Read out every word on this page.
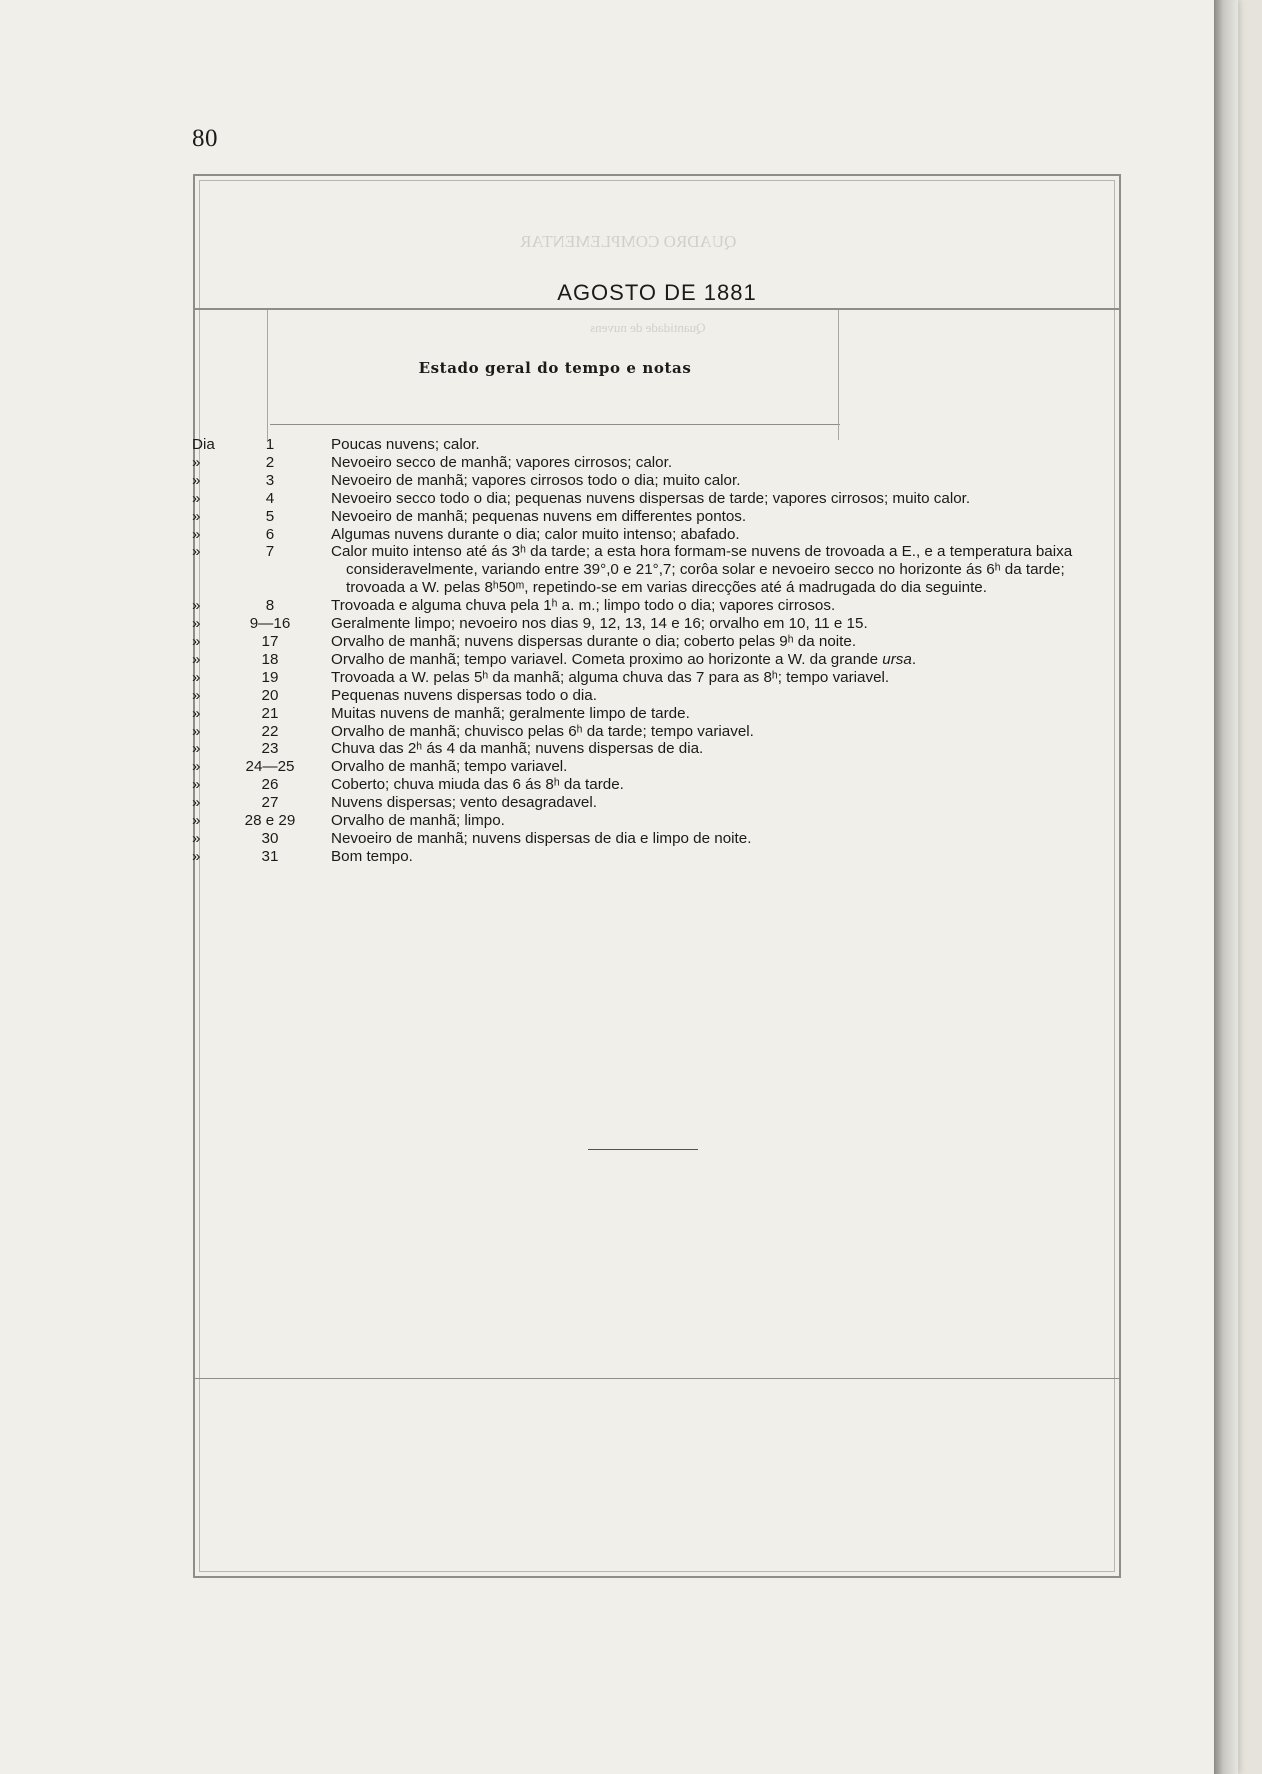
80
QUADRO COMPLEMENTAR
Quantidade de nuvens
AGOSTO DE 1881
Estado geral do tempo e notas
Dia	1	Poucas nuvens; calor.
»	2	Nevoeiro secco de manhã; vapores cirrosos; calor.
»	3	Nevoeiro de manhã; vapores cirrosos todo o dia; muito calor.
»	4	Nevoeiro secco todo o dia; pequenas nuvens dispersas de tarde; vapores cirrosos; muito calor.
»	5	Nevoeiro de manhã; pequenas nuvens em differentes pontos.
»	6	Algumas nuvens durante o dia; calor muito intenso; abafado.
»	7	Calor muito intenso até ás 3ʰ da tarde; a esta hora formam-se nuvens de trovoada a E., e a temperatura baixa
consideravelmente, variando entre 39°,0 e 21°,7; corôa solar e nevoeiro secco no horizonte ás 6ʰ da tarde;
trovoada a W. pelas 8ʰ50ᵐ, repetindo-se em varias direcções até á madrugada do dia seguinte.
»	8	Trovoada e alguma chuva pela 1ʰ a. m.; limpo todo o dia; vapores cirrosos.
»	9—16	Geralmente limpo; nevoeiro nos dias 9, 12, 13, 14 e 16; orvalho em 10, 11 e 15.
»	17	Orvalho de manhã; nuvens dispersas durante o dia; coberto pelas 9ʰ da noite.
»	18	Orvalho de manhã; tempo variavel. Cometa proximo ao horizonte a W. da grande ursa.
»	19	Trovoada a W. pelas 5ʰ da manhã; alguma chuva das 7 para as 8ʰ; tempo variavel.
»	20	Pequenas nuvens dispersas todo o dia.
»	21	Muitas nuvens de manhã; geralmente limpo de tarde.
»	22	Orvalho de manhã; chuvisco pelas 6ʰ da tarde; tempo variavel.
»	23	Chuva das 2ʰ ás 4 da manhã; nuvens dispersas de dia.
»	24—25	Orvalho de manhã; tempo variavel.
»	26	Coberto; chuva miuda das 6 ás 8ʰ da tarde.
»	27	Nuvens dispersas; vento desagradavel.
»	28 e 29	Orvalho de manhã; limpo.
»	30	Nevoeiro de manhã; nuvens dispersas de dia e limpo de noite.
»	31	Bom tempo.
